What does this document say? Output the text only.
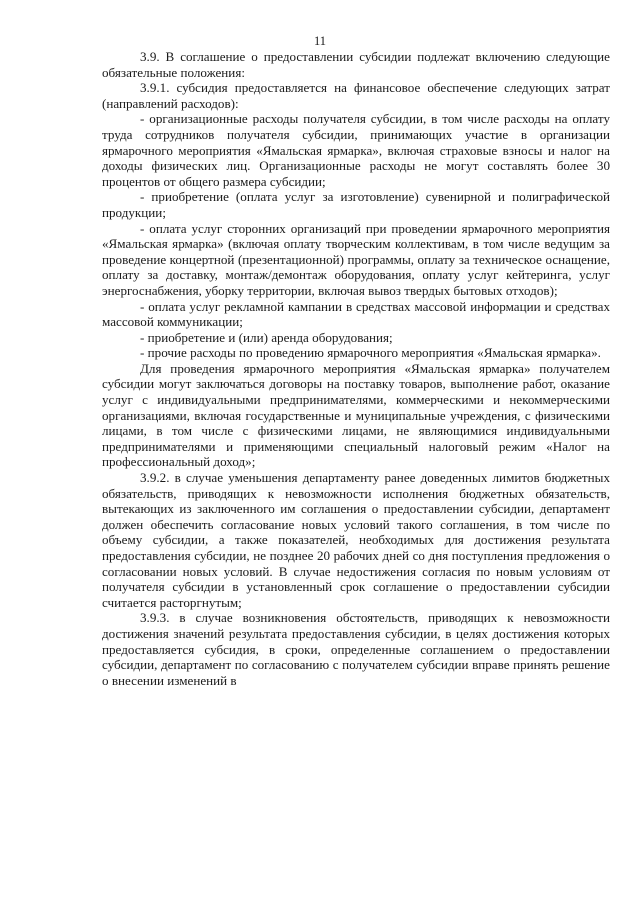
11

3.9. В соглашение о предоставлении субсидии подлежат включению следующие обязательные положения:

3.9.1. субсидия предоставляется на финансовое обеспечение следующих затрат (направлений расходов):

- организационные расходы получателя субсидии, в том числе расходы на оплату труда сотрудников получателя субсидии, принимающих участие в организации ярмарочного мероприятия «Ямальская ярмарка», включая страховые взносы и налог на доходы физических лиц. Организационные расходы не могут составлять более 30 процентов от общего размера субсидии;

- приобретение (оплата услуг за изготовление) сувенирной и полиграфической продукции;

- оплата услуг сторонних организаций при проведении ярмарочного мероприятия «Ямальская ярмарка» (включая оплату творческим коллективам, в том числе ведущим за проведение концертной (презентационной) программы, оплату за техническое оснащение, оплату за доставку, монтаж/демонтаж оборудования, оплату услуг кейтеринга, услуг энергоснабжения, уборку территории, включая вывоз твердых бытовых отходов);

- оплата услуг рекламной кампании в средствах массовой информации и средствах массовой коммуникации;

- приобретение и (или) аренда оборудования;

- прочие расходы по проведению ярмарочного мероприятия «Ямальская ярмарка».

Для проведения ярмарочного мероприятия «Ямальская ярмарка» получателем субсидии могут заключаться договоры на поставку товаров, выполнение работ, оказание услуг с индивидуальными предпринимателями, коммерческими и некоммерческими организациями, включая государственные и муниципальные учреждения, с физическими лицами, в том числе с физическими лицами, не являющимися индивидуальными предпринимателями и применяющими специальный налоговый режим «Налог на профессиональный доход»;

3.9.2. в случае уменьшения департаменту ранее доведенных лимитов бюджетных обязательств, приводящих к невозможности исполнения бюджетных обязательств, вытекающих из заключенного им соглашения о предоставлении субсидии, департамент должен обеспечить согласование новых условий такого соглашения, в том числе по объему субсидии, а также показателей, необходимых для достижения результата предоставления субсидии, не позднее 20 рабочих дней со дня поступления предложения о согласовании новых условий. В случае недостижения согласия по новым условиям от получателя субсидии в установленный срок соглашение о предоставлении субсидии считается расторгнутым;

3.9.3. в случае возникновения обстоятельств, приводящих к невозможности достижения значений результата предоставления субсидии, в целях достижения которых предоставляется субсидия, в сроки, определенные соглашением о предоставлении субсидии, департамент по согласованию с получателем субсидии вправе принять решение о внесении изменений в
